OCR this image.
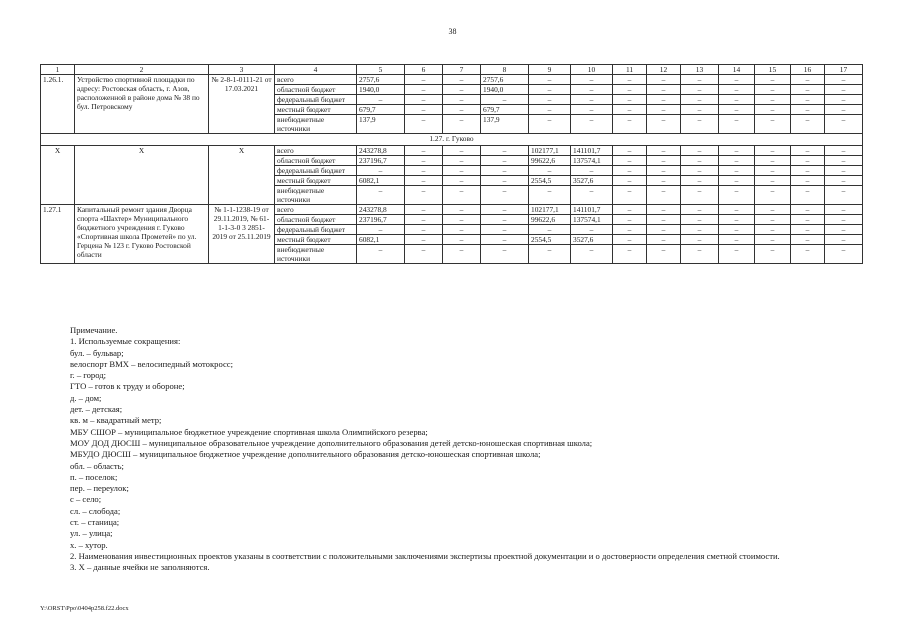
38
1	2	3	4	5	6	7	8	9	10	11	12	13	14	15	16	17
1.26.1.	Устройство спортивной площадки по адресу: Ростовская область, г. Азов, расположенной в районе дома № 38 по бул. Петровскому	№ 2-8-1-0111-21 от 17.03.2021	всего	2757,6	–	–	2757,6	–	–	–	–	–	–	–	–	–
			областной бюджет	1940,0	–	–	1940,0	–	–	–	–	–	–	–	–	–
			федеральный бюджет	–	–	–	–	–	–	–	–	–	–	–	–	–
			местный бюджет	679,7	–	–	679,7	–	–	–	–	–	–	–	–	–
			внебюджетные источники	137,9	–	–	137,9	–	–	–	–	–	–	–	–	–
1.27. г. Гуково																
Х	Х	Х	всего	243278,8	–	–	–	102177,1	141101,7	–	–	–	–	–	–	–
			областной бюджет	237196,7	–	–	–	99622,6	137574,1	–	–	–	–	–	–	–
			федеральный бюджет	–	–	–	–	–	–	–	–	–	–	–	–	–
			местный бюджет	6082,1	–	–	–	2554,5	3527,6	–	–	–	–	–	–	–
			внебюджетные источники	–	–	–	–	–	–	–	–	–	–	–	–	–
1.27.1	Капитальный ремонт здания Дворца спорта «Шахтер» Муниципального бюджетного учреждения г. Гуково «Спортивная школа Прометей» по ул. Герцена № 123 г. Гуково Ростовской области	№ 1-1-1238-19 от 29.11.2019, № 61-1-1-3-0 3 2851-2019 от 25.11.2019	всего	243278,8	–	–	–	102177,1	141101,7	–	–	–	–	–	–	–
			областной бюджет	237196,7	–	–	–	99622,6	137574,1	–	–	–	–	–	–	–
			федеральный бюджет	–	–	–	–	–	–	–	–	–	–	–	–	–
			местный бюджет	6082,1	–	–	–	2554,5	3527,6	–	–	–	–	–	–	–
			внебюджетные источники	–	–	–	–	–	–	–	–	–	–	–	–	–
Примечание.
1. Используемые сокращения:
бул. – бульвар;
велоспорт ВМХ – велосипедный мотокросс;
г. – город;
ГТО – готов к труду и обороне;
д. – дом;
дет. – детская;
кв. м – квадратный метр;
МБУ СШОР – муниципальное бюджетное учреждение спортивная школа Олимпийского резерва;
МОУ ДОД ДЮСШ – муниципальное образовательное учреждение дополнительного образования детей детско-юношеская спортивная школа;
МБУДО ДЮСШ – муниципальное бюджетное учреждение дополнительного образования детско-юношеская спортивная школа;
обл. – область;
п. – поселок;
пер. – переулок;
с – село;
сл. – слобода;
ст. – станица;
ул. – улица;
х. – хутор.
2. Наименования инвестиционных проектов указаны в соответствии с положительными заключениями экспертизы проектной документации и о достоверности определения сметной стоимости.
3. Х – данные ячейки не заполняются.
Y:\ORST\Ppo\0404p258.f22.docx
